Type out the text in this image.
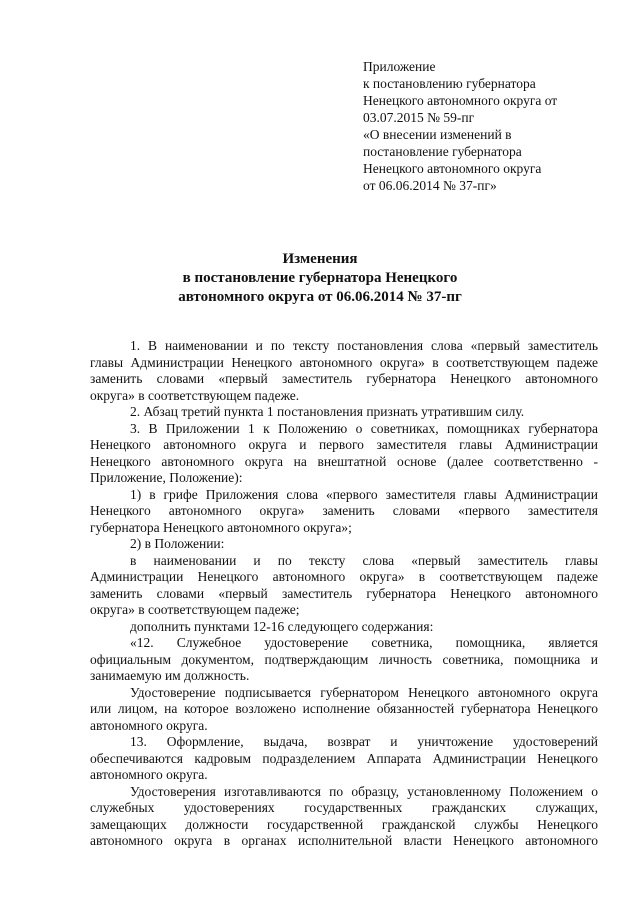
Приложение
к постановлению губернатора
Ненецкого автономного округа от
03.07.2015 № 59-пг
«О внесении изменений в
постановление губернатора
Ненецкого автономного округа
от 06.06.2014 № 37-пг»
Изменения
в постановление губернатора Ненецкого
автономного округа от 06.06.2014 № 37-пг
1. В наименовании и по тексту постановления слова «первый заместитель
главы Администрации Ненецкого автономного округа» в соответствующем падеже
заменить словами «первый заместитель губернатора Ненецкого автономного
округа» в соответствующем падеже.
2. Абзац третий пункта 1 постановления признать утратившим силу.
3. В Приложении 1 к Положению о советниках, помощниках губернатора
Ненецкого автономного округа и первого заместителя главы Администрации
Ненецкого автономного округа на внештатной основе (далее соответственно -
Приложение, Положение):
1) в грифе Приложения слова «первого заместителя главы Администрации
Ненецкого автономного округа» заменить словами «первого заместителя
губернатора Ненецкого автономного округа»;
2) в Положении:
в наименовании и по тексту слова «первый заместитель главы
Администрации Ненецкого автономного округа» в соответствующем падеже
заменить словами «первый заместитель губернатора Ненецкого автономного
округа» в соответствующем падеже;
дополнить пунктами 12-16 следующего содержания:
«12. Служебное удостоверение советника, помощника, является
официальным документом, подтверждающим личность советника, помощника и
занимаемую им должность.
Удостоверение подписывается губернатором Ненецкого автономного округа
или лицом, на которое возложено исполнение обязанностей губернатора Ненецкого
автономного округа.
13. Оформление, выдача, возврат и уничтожение удостоверений
обеспечиваются кадровым подразделением Аппарата Администрации Ненецкого
автономного округа.
Удостоверения изготавливаются по образцу, установленному Положением о
служебных удостоверениях государственных гражданских служащих,
замещающих должности государственной гражданской службы Ненецкого
автономного округа в органах исполнительной власти Ненецкого автономного
